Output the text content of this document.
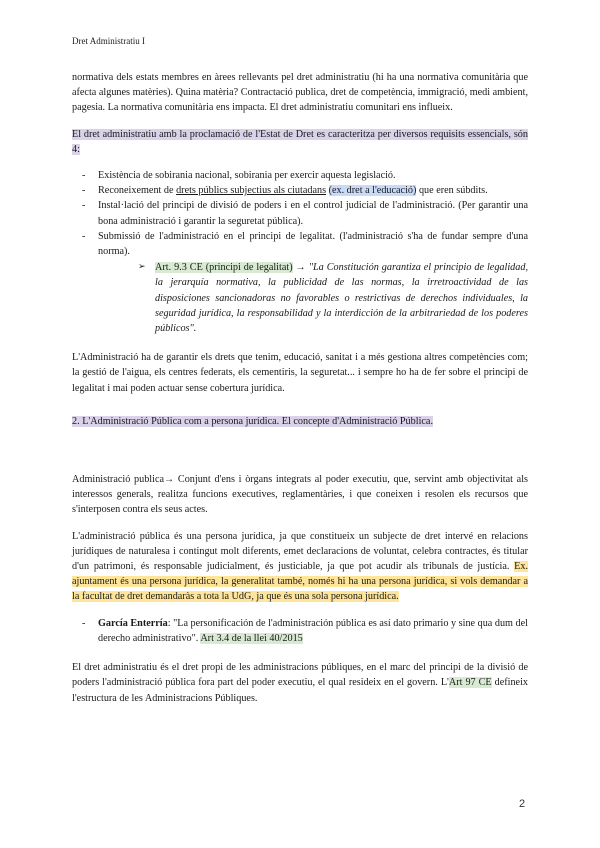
Dret Administratiu I

normativa dels estats membres en àrees rellevants pel dret administratiu (hi ha una normativa comunitària que afecta algunes matèries). Quina matèria? Contractació publica, dret de competència, immigració, medi ambient, pagesia. La normativa comunitària ens impacta. El dret administratiu comunitari ens influeix.

El dret administratiu amb la proclamació de l'Estat de Dret es caracteritza per diversos requisits essencials, són 4:

- Existència de sobirania nacional, sobirania per exercir aquesta legislació.
- Reconeixement de drets públics subjectius als ciutadans (ex. dret a l'educació) que eren súbdits.
- Instal·lació del principi de divisió de poders i en el control judicial de l'administració. (Per garantir una bona administració i garantir la seguretat pública).
- Submissió de l'administració en el principi de legalitat. (l'administració s'ha de fundar sempre d'una norma).
➢ Art. 9.3 CE (principi de legalitat) → "La Constitución garantiza el principio de legalidad, la jerarquía normativa, la publicidad de las normas, la irretroactividad de las disposiciones sancionadoras no favorables o restrictivas de derechos individuales, la seguridad jurídica, la responsabilidad y la interdicción de la arbitrariedad de los poderes públicos".

L'Administració ha de garantir els drets que tenim, educació, sanitat i a més gestiona altres competències com; la gestió de l'aigua, els centres federats, els cementiris, la seguretat... i sempre ho ha de fer sobre el principi de legalitat i mai poden actuar sense cobertura jurídica.

2. L'Administració Pública com a persona jurídica. El concepte d'Administració Pública.

Administració publica→ Conjunt d'ens i òrgans integrats al poder executiu, que, servint amb objectivitat als interessos generals, realitza funcions executives, reglamentàries, i que coneixen i resolen els recursos que s'interposen contra els seus actes.

L'administració pública és una persona jurídica, ja que constitueix un subjecte de dret intervé en relacions jurídiques de naturalesa i contingut molt diferents, emet declaracions de voluntat, celebra contractes, és titular d'un patrimoni, és responsable judicialment, és justiciable, ja que pot acudir als tribunals de justícia. Ex. ajuntament és una persona jurídica, la generalitat també, només hi ha una persona jurídica, si vols demandar a la facultat de dret demandaràs a tota la UdG, ja que és una sola persona jurídica.

- García Enterría: "La personificación de l'administración pública es así dato primario y sine qua dum del derecho administrativo". Art 3.4 de la llei 40/2015

El dret administratiu és el dret propi de les administracions públiques, en el marc del principi de la divisió de poders l'administració pública fora part del poder executiu, el qual resideix en el govern. L'Art 97 CE defineix l'estructura de les Administracions Públiques.

2
